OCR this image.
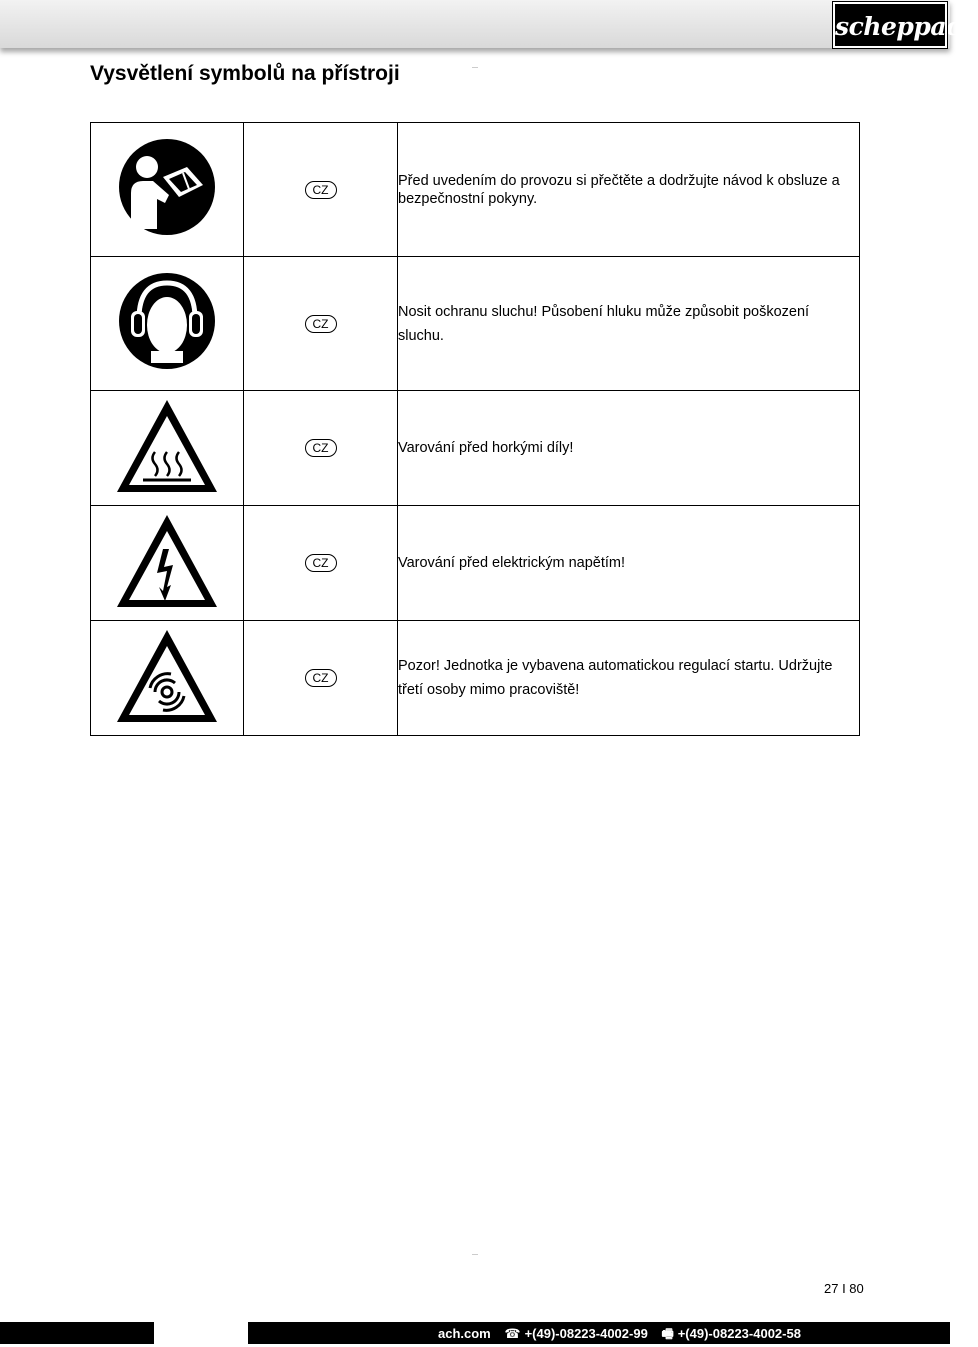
scheppach
Vysvětlení symbolů na přístroji
	CZ	Před uvedením do provozu si přečtěte a dodržujte návod k obsluze a bezpečnostní pokyny.
	CZ	Nosit ochranu sluchu! Působení hluku může způsobit poškození sluchu.
	CZ	Varování před horkými díly!
	CZ	Varování před elektrickým napětím!
	CZ	Pozor! Jednotka je vybavena automatickou regulací startu. Udržujte třetí osoby mimo pracoviště!
27 I 80
ach.com ☎ +(49)-08223-4002-99 🖷 +(49)-08223-4002-58
